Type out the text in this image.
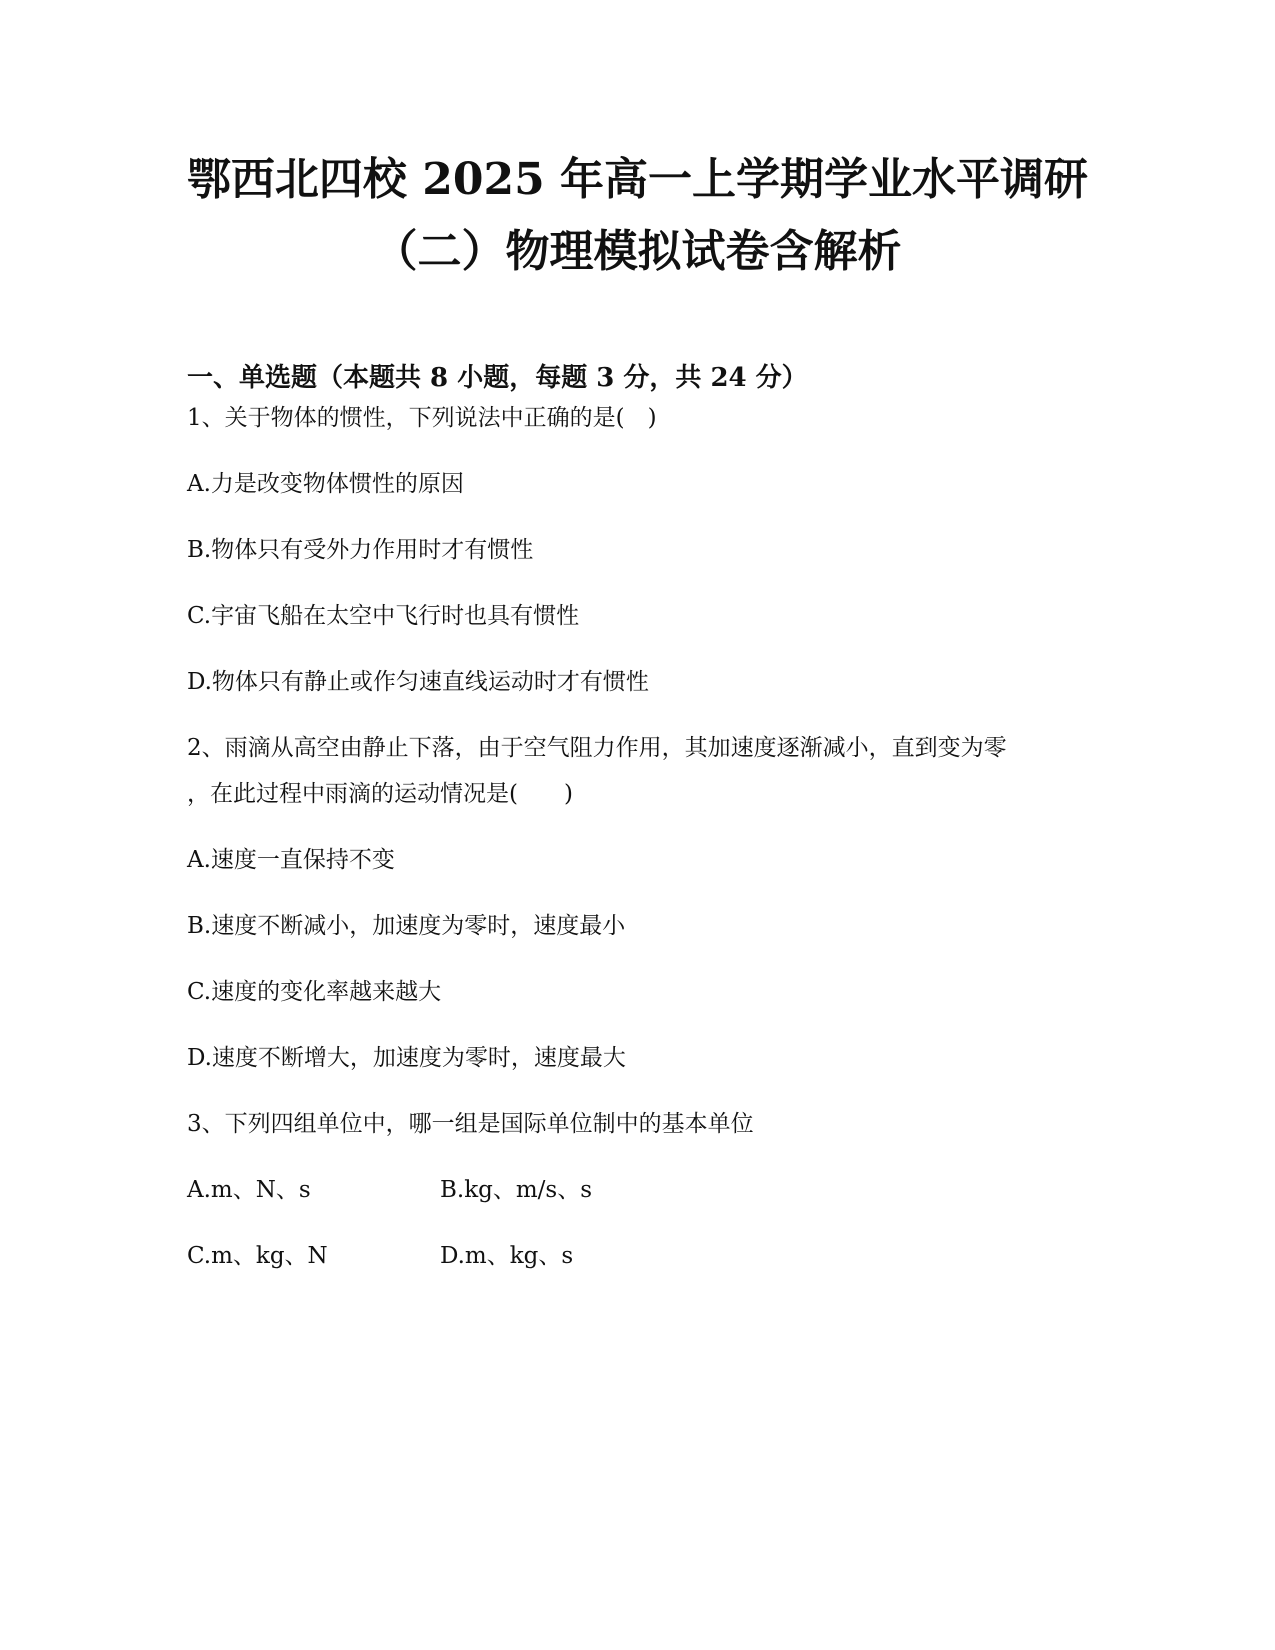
鄂西北四校 2025 年高一上学期学业水平调研
（二）物理模拟试卷含解析
一、单选题（本题共 8 小题，每题 3 分，共 24 分）
1、关于物体的惯性，下列说法中正确的是(　)
A.力是改变物体惯性的原因
B.物体只有受外力作用时才有惯性
C.宇宙飞船在太空中飞行时也具有惯性
D.物体只有静止或作匀速直线运动时才有惯性
2、雨滴从高空由静止下落，由于空气阻力作用，其加速度逐渐减小，直到变为零
，在此过程中雨滴的运动情况是(　　)
A.速度一直保持不变
B.速度不断减小，加速度为零时，速度最小
C.速度的变化率越来越大
D.速度不断增大，加速度为零时，速度最大
3、下列四组单位中，哪一组是国际单位制中的基本单位
A.m、N、s	B.kg、m/s、s
C.m、kg、N	D.m、kg、s
